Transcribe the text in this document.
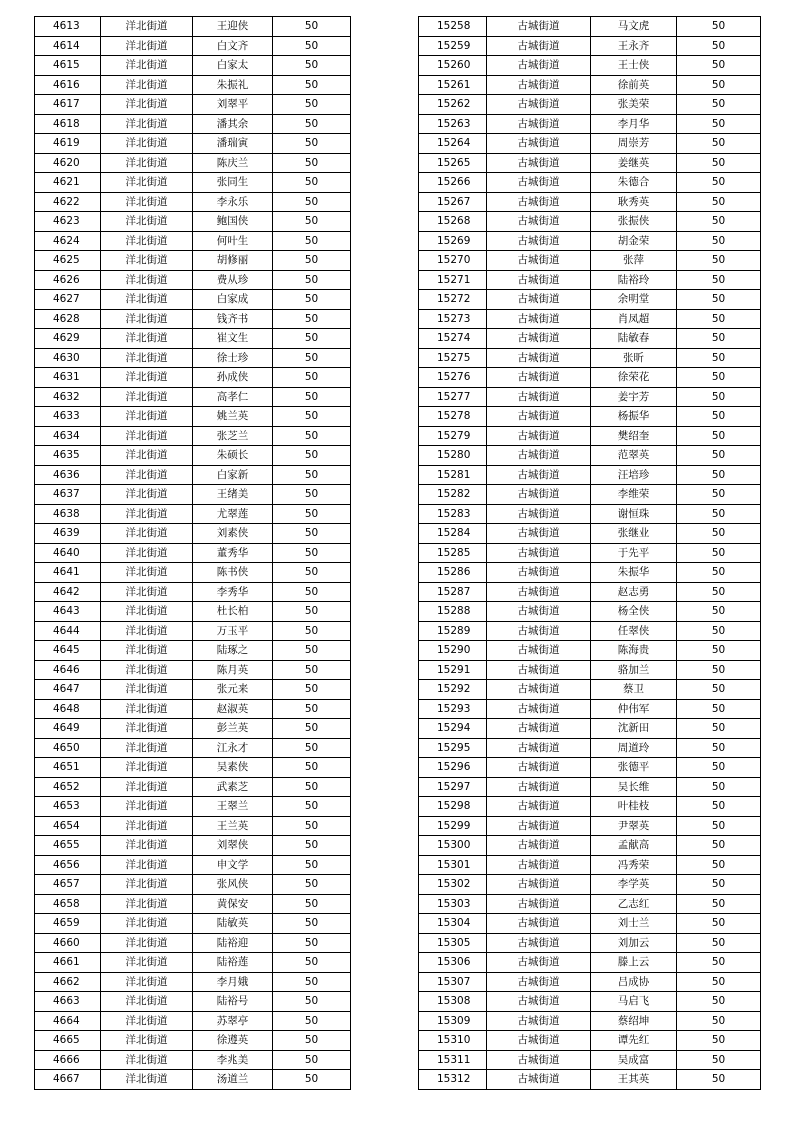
4613	洋北街道	王迎侠	50
4614	洋北街道	白文齐	50
4615	洋北街道	白家太	50
4616	洋北街道	朱振礼	50
4617	洋北街道	刘翠平	50
4618	洋北街道	潘其余	50
4619	洋北街道	潘瑞寅	50
4620	洋北街道	陈庆兰	50
4621	洋北街道	张同生	50
4622	洋北街道	李永乐	50
4623	洋北街道	鲍国侠	50
4624	洋北街道	何叶生	50
4625	洋北街道	胡修丽	50
4626	洋北街道	费从珍	50
4627	洋北街道	白家成	50
4628	洋北街道	钱齐书	50
4629	洋北街道	崔文生	50
4630	洋北街道	徐士珍	50
4631	洋北街道	孙成侠	50
4632	洋北街道	高孝仁	50
4633	洋北街道	姚兰英	50
4634	洋北街道	张芝兰	50
4635	洋北街道	朱硕长	50
4636	洋北街道	白家新	50
4637	洋北街道	王绪美	50
4638	洋北街道	尤翠莲	50
4639	洋北街道	刘素侠	50
4640	洋北街道	董秀华	50
4641	洋北街道	陈书侠	50
4642	洋北街道	李秀华	50
4643	洋北街道	杜长柏	50
4644	洋北街道	万玉平	50
4645	洋北街道	陆琢之	50
4646	洋北街道	陈月英	50
4647	洋北街道	张元来	50
4648	洋北街道	赵淑英	50
4649	洋北街道	彭兰英	50
4650	洋北街道	江永才	50
4651	洋北街道	吴素侠	50
4652	洋北街道	武素芝	50
4653	洋北街道	王翠兰	50
4654	洋北街道	王兰英	50
4655	洋北街道	刘翠侠	50
4656	洋北街道	申文学	50
4657	洋北街道	张风侠	50
4658	洋北街道	黄保安	50
4659	洋北街道	陆敏英	50
4660	洋北街道	陆裕迎	50
4661	洋北街道	陆裕莲	50
4662	洋北街道	李月娥	50
4663	洋北街道	陆裕号	50
4664	洋北街道	苏翠亭	50
4665	洋北街道	徐遵英	50
4666	洋北街道	李兆美	50
4667	洋北街道	汤道兰	50
15258	古城街道	马文虎	50
15259	古城街道	王永齐	50
15260	古城街道	王士侠	50
15261	古城街道	徐前英	50
15262	古城街道	张美荣	50
15263	古城街道	李月华	50
15264	古城街道	周崇芳	50
15265	古城街道	姜继英	50
15266	古城街道	朱德合	50
15267	古城街道	耿秀英	50
15268	古城街道	张振侠	50
15269	古城街道	胡金荣	50
15270	古城街道	张萍	50
15271	古城街道	陆裕玲	50
15272	古城街道	余明堂	50
15273	古城街道	肖凤超	50
15274	古城街道	陆敏春	50
15275	古城街道	张昕	50
15276	古城街道	徐荣花	50
15277	古城街道	姜宇芳	50
15278	古城街道	杨振华	50
15279	古城街道	樊绍奎	50
15280	古城街道	范翠英	50
15281	古城街道	汪培珍	50
15282	古城街道	李维荣	50
15283	古城街道	谢恒珠	50
15284	古城街道	张继业	50
15285	古城街道	于先平	50
15286	古城街道	朱振华	50
15287	古城街道	赵志勇	50
15288	古城街道	杨全侠	50
15289	古城街道	任翠侠	50
15290	古城街道	陈海贵	50
15291	古城街道	骆加兰	50
15292	古城街道	蔡卫	50
15293	古城街道	仲伟军	50
15294	古城街道	沈新田	50
15295	古城街道	周道玲	50
15296	古城街道	张德平	50
15297	古城街道	吴长维	50
15298	古城街道	叶桂枝	50
15299	古城街道	尹翠英	50
15300	古城街道	孟献高	50
15301	古城街道	冯秀荣	50
15302	古城街道	李学英	50
15303	古城街道	乙志红	50
15304	古城街道	刘士兰	50
15305	古城街道	刘加云	50
15306	古城街道	滕上云	50
15307	古城街道	吕成协	50
15308	古城街道	马启飞	50
15309	古城街道	蔡绍坤	50
15310	古城街道	谭先红	50
15311	古城街道	吴成富	50
15312	古城街道	王其英	50
